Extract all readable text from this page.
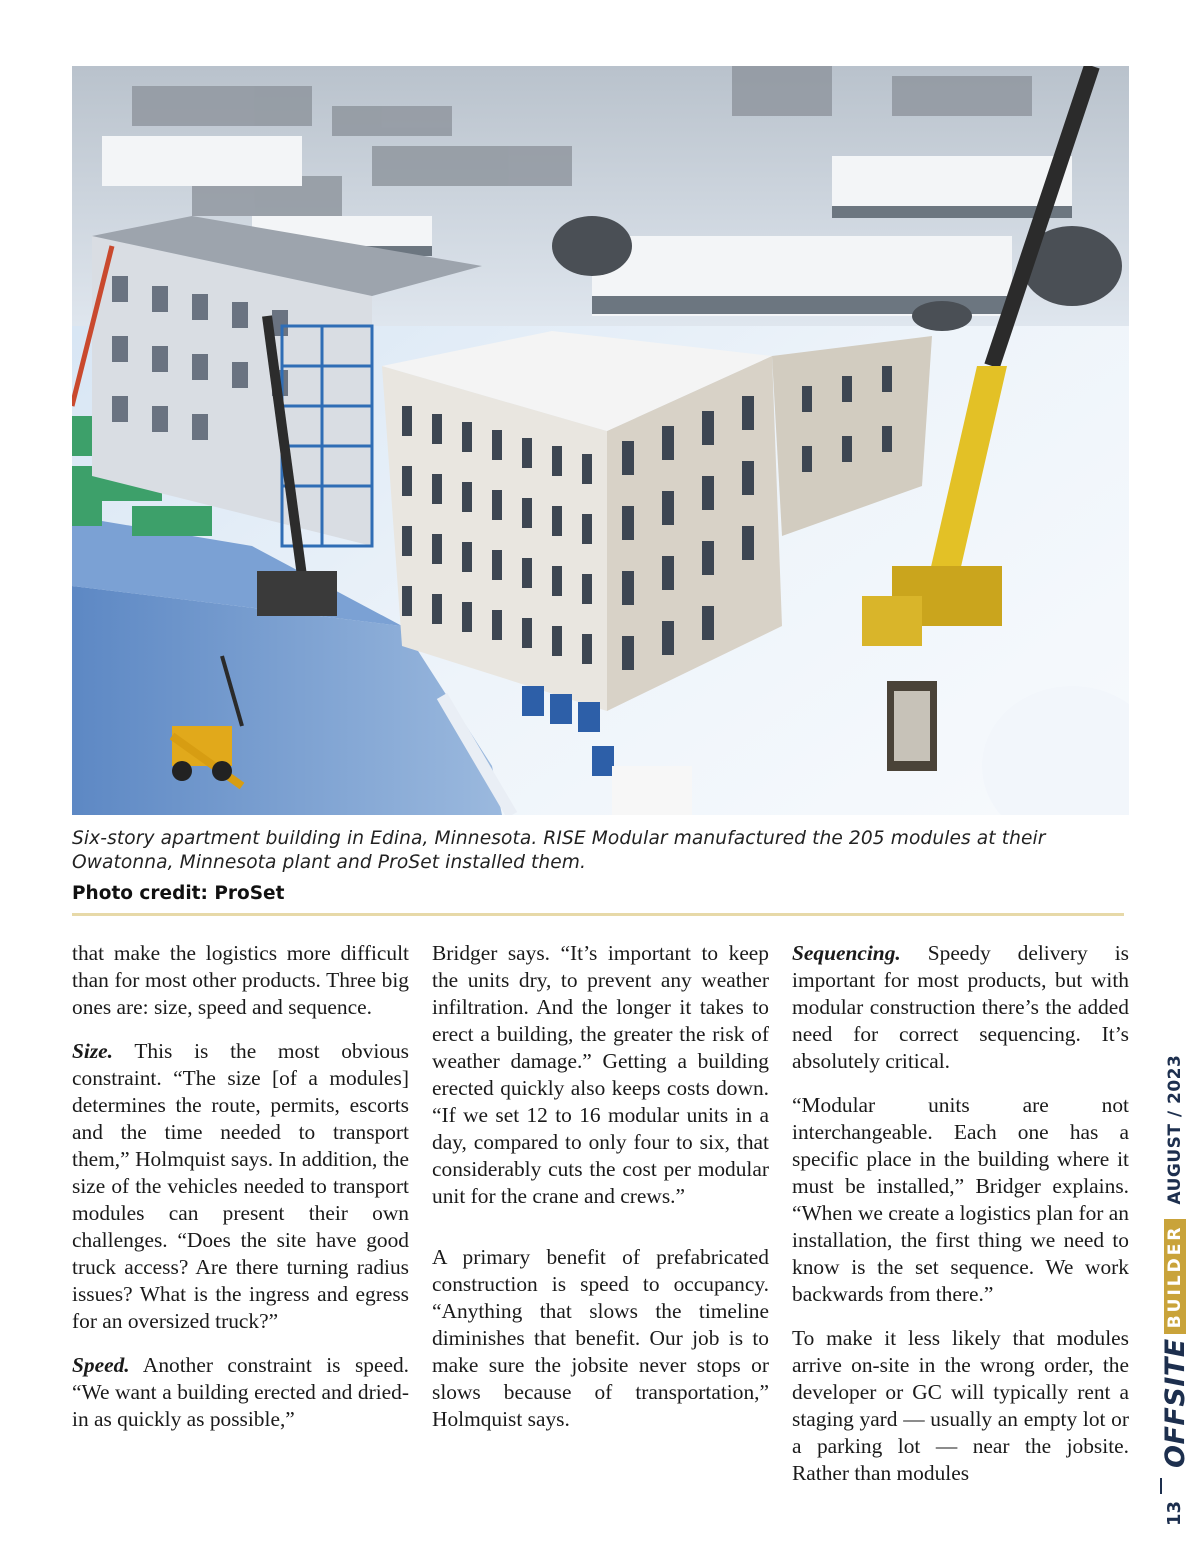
Six-story apartment building in Edina, Minnesota. RISE Modular manufactured the 205 modules at their Owatonna, Minnesota plant and ProSet installed them.
Photo credit: ProSet

that make the logistics more difficult than for most other products. Three big ones are: size, speed and sequence.

Size. This is the most obvious constraint. “The size [of a modules] determines the route, permits, escorts and the time needed to transport them,” Holmquist says. In addition, the size of the vehicles needed to transport modules can present their own challenges. “Does the site have good truck access? Are there turning radius issues? What is the ingress and egress for an oversized truck?”

Speed. Another constraint is speed. “We want a building erected and dried-in as quickly as possible,”

Bridger says. “It’s important to keep the units dry, to prevent any weather infiltration. And the longer it takes to erect a building, the greater the risk of weather damage.” Getting a building erected quickly also keeps costs down. “If we set 12 to 16 modular units in a day, compared to only four to six, that considerably cuts the cost per modular unit for the crane and crews.”

A primary benefit of prefabricated construction is speed to occupancy. “Anything that slows the timeline diminishes that benefit. Our job is to make sure the jobsite never stops or slows because of transportation,” Holmquist says.

Sequencing. Speedy delivery is important for most products, but with modular construction there’s the added need for correct sequencing. It’s absolutely critical.

“Modular units are not interchangeable. Each one has a specific place in the building where it must be installed,” Bridger explains. “When we create a logistics plan for an installation, the first thing we need to know is the set sequence. We work backwards from there.”

To make it less likely that modules arrive on-site in the wrong order, the developer or GC will typically rent a staging yard — usually an empty lot or a parking lot — near the jobsite. Rather than modules

OFFSITE
BUILDER
AUGUST / 2023
13
